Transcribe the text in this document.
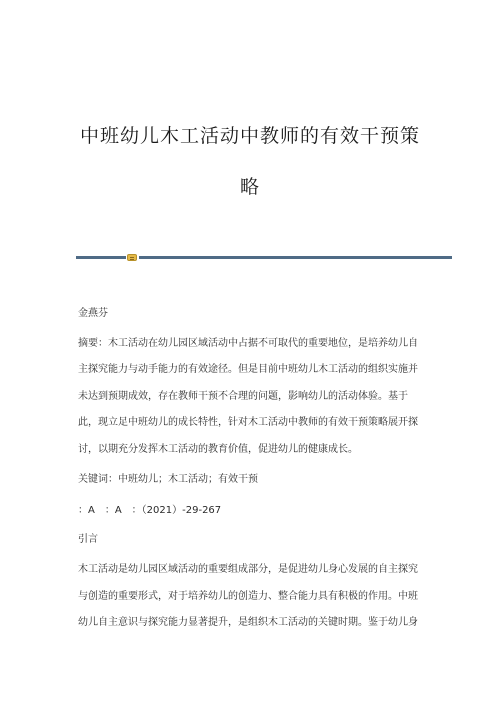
中班幼儿木工活动中教师的有效干预策
略
金燕芬
摘要：木工活动在幼儿园区域活动中占据不可取代的重要地位，是培养幼儿自
主探究能力与动手能力的有效途径。但是目前中班幼儿木工活动的组织实施并
未达到预期成效，存在教师干预不合理的问题，影响幼儿的活动体验。基于
此，现立足中班幼儿的成长特性，针对木工活动中教师的有效干预策略展开探
讨，以期充分发挥木工活动的教育价值，促进幼儿的健康成长。
关键词：中班幼儿；木工活动；有效干预
：A　：A　：（2021）-29-267
引言
木工活动是幼儿园区域活动的重要组成部分，是促进幼儿身心发展的自主探究
与创造的重要形式，对于培养幼儿的创造力、整合能力具有积极的作用。中班
幼儿自主意识与探究能力显著提升，是组织木工活动的关键时期。鉴于幼儿身
